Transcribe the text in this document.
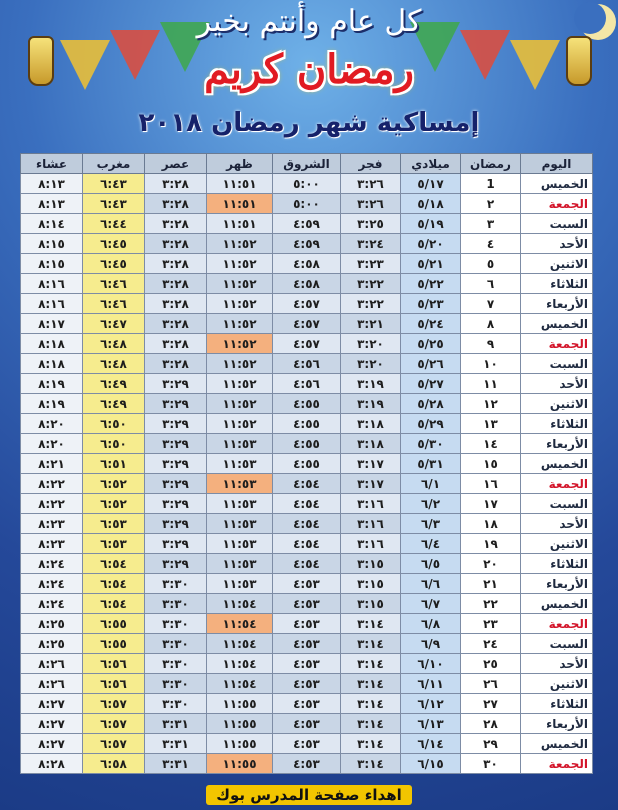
كل عام وأنتم بخير
رمضان كريم
إمساكية شهر رمضان ٢٠١٨
اليوم	رمضان	ميلادي	فجر	الشروق	ظهر	عصر	مغرب	عشاء
الخميس	1	٥/١٧	٣:٢٦	٥:٠٠	١١:٥١	٣:٢٨	٦:٤٣	٨:١٣
الجمعة	٢	٥/١٨	٣:٢٦	٥:٠٠	١١:٥١	٣:٢٨	٦:٤٣	٨:١٣
السبت	٣	٥/١٩	٣:٢٥	٤:٥٩	١١:٥١	٣:٢٨	٦:٤٤	٨:١٤
الأحد	٤	٥/٢٠	٣:٢٤	٤:٥٩	١١:٥٢	٣:٢٨	٦:٤٥	٨:١٥
الاثنين	٥	٥/٢١	٣:٢٣	٤:٥٨	١١:٥٢	٣:٢٨	٦:٤٥	٨:١٥
الثلاثاء	٦	٥/٢٢	٣:٢٢	٤:٥٨	١١:٥٢	٣:٢٨	٦:٤٦	٨:١٦
الأربعاء	٧	٥/٢٣	٣:٢٢	٤:٥٧	١١:٥٢	٣:٢٨	٦:٤٦	٨:١٦
الخميس	٨	٥/٢٤	٣:٢١	٤:٥٧	١١:٥٢	٣:٢٨	٦:٤٧	٨:١٧
الجمعة	٩	٥/٢٥	٣:٢٠	٤:٥٧	١١:٥٢	٣:٢٨	٦:٤٨	٨:١٨
السبت	١٠	٥/٢٦	٣:٢٠	٤:٥٦	١١:٥٢	٣:٢٨	٦:٤٨	٨:١٨
الأحد	١١	٥/٢٧	٣:١٩	٤:٥٦	١١:٥٢	٣:٢٩	٦:٤٩	٨:١٩
الاثنين	١٢	٥/٢٨	٣:١٩	٤:٥٥	١١:٥٢	٣:٢٩	٦:٤٩	٨:١٩
الثلاثاء	١٣	٥/٢٩	٣:١٨	٤:٥٥	١١:٥٢	٣:٢٩	٦:٥٠	٨:٢٠
الأربعاء	١٤	٥/٣٠	٣:١٨	٤:٥٥	١١:٥٣	٣:٢٩	٦:٥٠	٨:٢٠
الخميس	١٥	٥/٣١	٣:١٧	٤:٥٥	١١:٥٣	٣:٢٩	٦:٥١	٨:٢١
الجمعة	١٦	٦/١	٣:١٧	٤:٥٤	١١:٥٣	٣:٢٩	٦:٥٢	٨:٢٢
السبت	١٧	٦/٢	٣:١٦	٤:٥٤	١١:٥٣	٣:٢٩	٦:٥٢	٨:٢٢
الأحد	١٨	٦/٣	٣:١٦	٤:٥٤	١١:٥٣	٣:٢٩	٦:٥٣	٨:٢٣
الاثنين	١٩	٦/٤	٣:١٦	٤:٥٤	١١:٥٣	٣:٢٩	٦:٥٣	٨:٢٣
الثلاثاء	٢٠	٦/٥	٣:١٥	٤:٥٤	١١:٥٣	٣:٢٩	٦:٥٤	٨:٢٤
الأربعاء	٢١	٦/٦	٣:١٥	٤:٥٣	١١:٥٣	٣:٣٠	٦:٥٤	٨:٢٤
الخميس	٢٢	٦/٧	٣:١٥	٤:٥٣	١١:٥٤	٣:٣٠	٦:٥٤	٨:٢٤
الجمعة	٢٣	٦/٨	٣:١٤	٤:٥٣	١١:٥٤	٣:٣٠	٦:٥٥	٨:٢٥
السبت	٢٤	٦/٩	٣:١٤	٤:٥٣	١١:٥٤	٣:٣٠	٦:٥٥	٨:٢٥
الأحد	٢٥	٦/١٠	٣:١٤	٤:٥٣	١١:٥٤	٣:٣٠	٦:٥٦	٨:٢٦
الاثنين	٢٦	٦/١١	٣:١٤	٤:٥٣	١١:٥٤	٣:٣٠	٦:٥٦	٨:٢٦
الثلاثاء	٢٧	٦/١٢	٣:١٤	٤:٥٣	١١:٥٥	٣:٣٠	٦:٥٧	٨:٢٧
الأربعاء	٢٨	٦/١٣	٣:١٤	٤:٥٣	١١:٥٥	٣:٣١	٦:٥٧	٨:٢٧
الخميس	٢٩	٦/١٤	٣:١٤	٤:٥٣	١١:٥٥	٣:٣١	٦:٥٧	٨:٢٧
الجمعة	٣٠	٦/١٥	٣:١٤	٤:٥٣	١١:٥٥	٣:٣١	٦:٥٨	٨:٢٨
اهداء صفحة المدرس بوك
